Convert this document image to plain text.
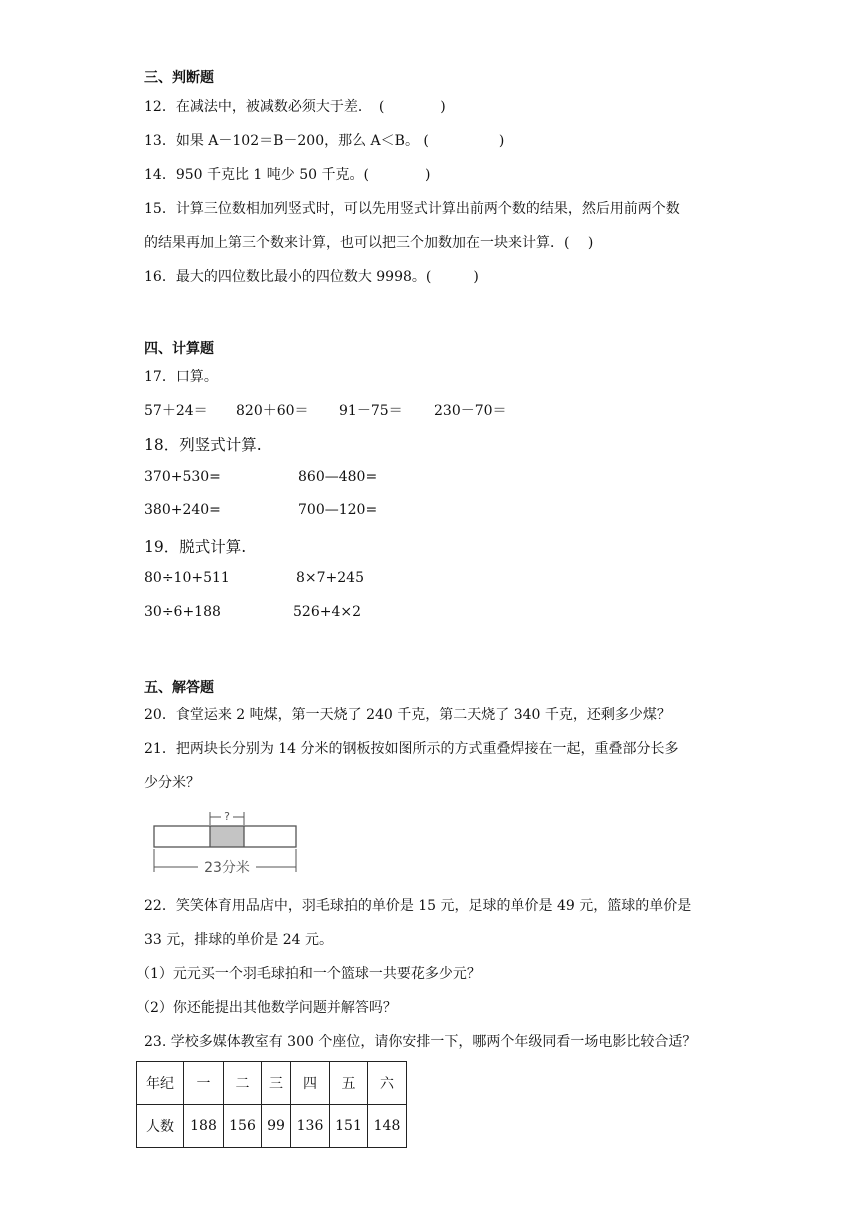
三、判断题
12．在减法中，被减数必须大于差．　(　　　　)
13．如果 A－102＝B－200，那么 A＜B。 (　　　　　)
14．950 千克比 1 吨少 50 千克。(　　　　)
15．计算三位数相加列竖式时，可以先用竖式计算出前两个数的结果，然后用前两个数
的结果再加上第三个数来计算，也可以把三个加数加在一块来计算．(　 )
16．最大的四位数比最小的四位数大 9998。(　　　)
四、计算题
17．口算。
57＋24＝ 820＋60＝ 91－75＝ 230－70＝
18．列竖式计算.
370+530=	860—480=
380+240=	700—120=
19．脱式计算.
80÷10+511	8×7+245
30÷6+188	526+4×2
五、解答题
20．食堂运来 2 吨煤，第一天烧了 240 千克，第二天烧了 340 千克，还剩多少煤？
21．把两块长分别为 14 分米的钢板按如图所示的方式重叠焊接在一起，重叠部分长多
少分米？
?
23分米
22．笑笑体育用品店中，羽毛球拍的单价是 15 元，足球的单价是 49 元，篮球的单价是
33 元，排球的单价是 24 元。
（1）元元买一个羽毛球拍和一个篮球一共要花多少元？
（2）你还能提出其他数学问题并解答吗？
23. 学校多媒体教室有 300 个座位，请你安排一下，哪两个年级同看一场电影比较合适？
年纪	一	二	三	四	五	六
人数	188	156	99	136	151	148
